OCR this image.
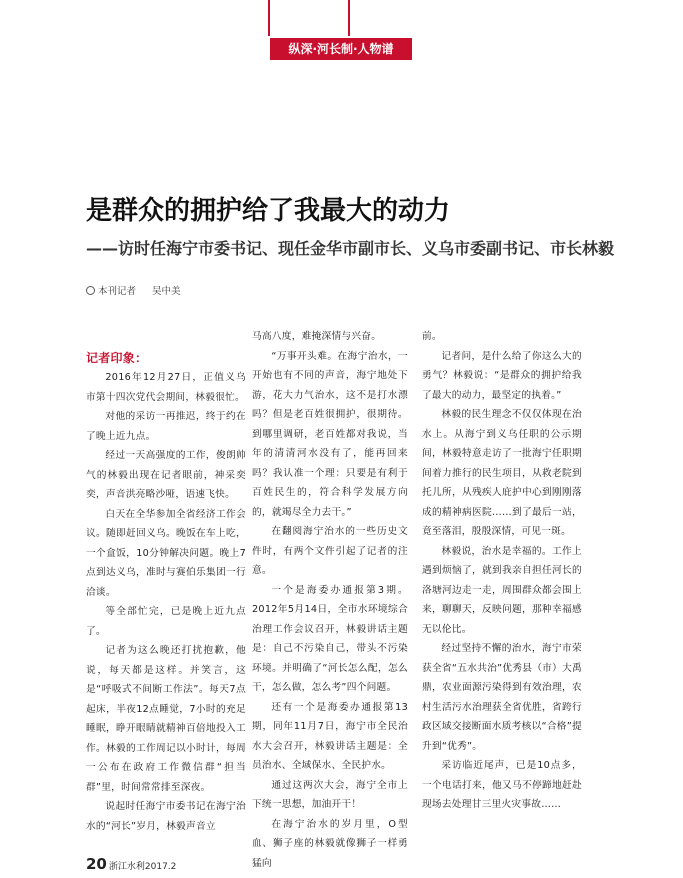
纵深·河长制·人物谱
是群众的拥护给了我最大的动力
——访时任海宁市委书记、现任金华市副市长、义乌市委副书记、市长林毅
本刊记者 吴中美

记者印象：

2016年12月27日，正值义乌市第十四次党代会期间，林毅很忙。

对他的采访一再推迟，终于约在了晚上近九点。

经过一天高强度的工作，俊朗帅气的林毅出现在记者眼前，神采奕奕，声音洪亮略沙哑，语速飞快。

白天在全华参加全省经济工作会议。随即赶回义乌。晚饭在车上吃，一个盒饭，10分钟解决问题。晚上7点到达义乌，准时与赛伯乐集团一行洽谈。

等全部忙完，已是晚上近九点了。

记者为这么晚还打扰抱歉，他说，每天都是这样。并笑言，这是“呼吸式不间断工作法”。每天7点起床，半夜12点睡觉，7小时的充足睡眠，睁开眼睛就精神百倍地投入工作。林毅的工作周记以小时计，每周一公布在政府工作微信群“担当群”里，时间常常排至深夜。

说起时任海宁市委书记在海宁治水的“河长”岁月，林毅声音立

马高八度，难掩深情与兴奋。

“万事开头难。在海宁治水，一开始也有不同的声音，海宁地处下游，花大力气治水，这不是打水漂吗？但是老百姓很拥护，很期待。到哪里调研，老百姓都对我说，当年的清清河水没有了，能再回来吗？我认准一个理：只要是有利于百姓民生的，符合科学发展方向的，就竭尽全力去干。”

在翻阅海宁治水的一些历史文件时，有两个文件引起了记者的注意。

一个是海委办通报第3期。2012年5月14日，全市水环境综合治理工作会议召开，林毅讲话主题是：自己不污染自己，带头不污染环境。并明确了“河长怎么配，怎么干，怎么做，怎么考”四个问题。

还有一个是海委办通报第13期，同年11月7日，海宁市全民治水大会召开，林毅讲话主题是：全员治水、全域保水、全民护水。

通过这两次大会，海宁全市上下统一思想，加油开干！

在海宁治水的岁月里，O型血、狮子座的林毅就像狮子一样勇猛向

前。

记者问，是什么给了你这么大的勇气？林毅说：“是群众的拥护给我了最大的动力，最坚定的执着。”

林毅的民生理念不仅仅体现在治水上。从海宁到义乌任职的公示期间，林毅特意走访了一批海宁任职期间着力推行的民生项目，从救老院到托儿所，从残疾人庇护中心到刚刚落成的精神病医院……到了最后一站，竟至落泪，殷殷深情，可见一斑。

林毅说，治水是幸福的。工作上遇到烦恼了，就到我亲自担任河长的洛塘河边走一走，周围群众都会围上来，聊聊天，反映问题，那种幸福感无以伦比。

经过坚持不懈的治水，海宁市荣获全省“五水共治”优秀县（市）大禹鼎，农业面源污染得到有效治理，农村生活污水治理获全省优胜，省跨行政区域交接断面水质考核以“合格”提升到“优秀”。

采访临近尾声，已是10点多，一个电话打来，他又马不停蹄地赶赴现场去处理甘三里火灾事故……

20 浙江水利2017.2
